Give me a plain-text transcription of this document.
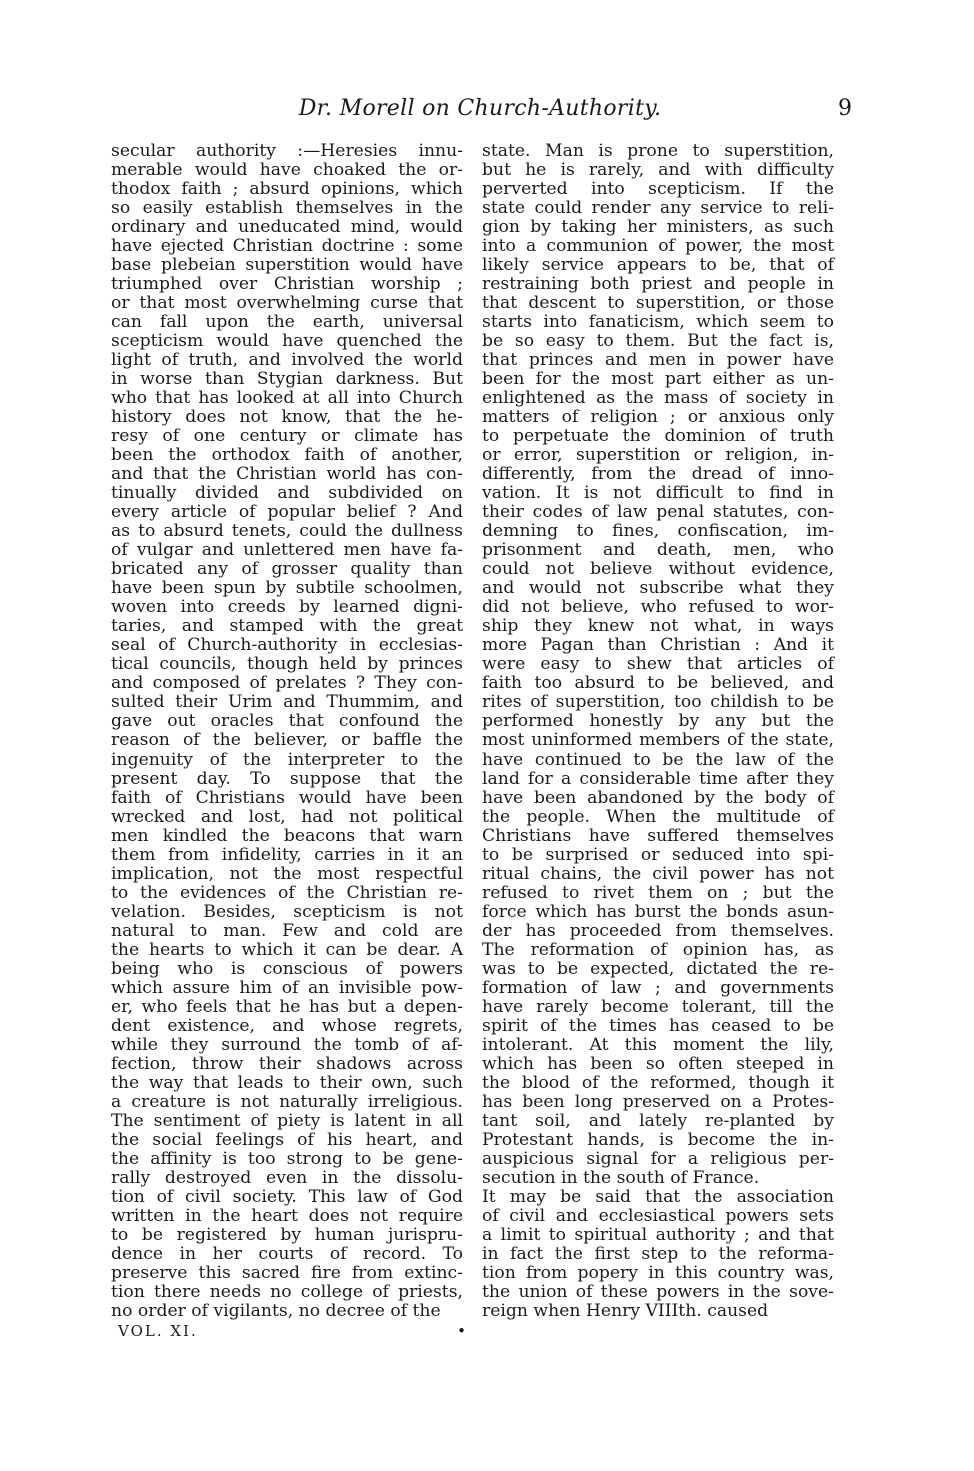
Dr. Morell on Church-Authority.	9
secular authority :—Heresies innu-
merable would have choaked the or-
thodox faith ; absurd opinions, which
so easily establish themselves in the
ordinary and uneducated mind, would
have ejected Christian doctrine : some
base plebeian superstition would have
triumphed over Christian worship ;
or that most overwhelming curse that
can fall upon the earth, universal
scepticism would have quenched the
light of truth, and involved the world
in worse than Stygian darkness. But
who that has looked at all into Church
history does not know, that the he-
resy of one century or climate has
been the orthodox faith of another,
and that the Christian world has con-
tinually divided and subdivided on
every article of popular belief ? And
as to absurd tenets, could the dullness
of vulgar and unlettered men have fa-
bricated any of grosser quality than
have been spun by subtile schoolmen,
woven into creeds by learned digni-
taries, and stamped with the great
seal of Church-authority in ecclesias-
tical councils, though held by princes
and composed of prelates ? They con-
sulted their Urim and Thummim, and
gave out oracles that confound the
reason of the believer, or baffle the
ingenuity of the interpreter to the
present day. To suppose that the
faith of Christians would have been
wrecked and lost, had not political
men kindled the beacons that warn
them from infidelity, carries in it an
implication, not the most respectful
to the evidences of the Christian re-
velation. Besides, scepticism is not
natural to man. Few and cold are
the hearts to which it can be dear. A
being who is conscious of powers
which assure him of an invisible pow-
er, who feels that he has but a depen-
dent existence, and whose regrets,
while they surround the tomb of af-
fection, throw their shadows across
the way that leads to their own, such
a creature is not naturally irreligious.
The sentiment of piety is latent in all
the social feelings of his heart, and
the affinity is too strong to be gene-
rally destroyed even in the dissolu-
tion of civil society. This law of God
written in the heart does not require
to be registered by human jurispru-
dence in her courts of record. To
preserve this sacred fire from extinc-
tion there needs no college of priests,
no order of vigilants, no decree of the
state. Man is prone to superstition,
but he is rarely, and with difficulty
perverted into scepticism. If the
state could render any service to reli-
gion by taking her ministers, as such
into a communion of power, the most
likely service appears to be, that of
restraining both priest and people in
that descent to superstition, or those
starts into fanaticism, which seem to
be so easy to them. But the fact is,
that princes and men in power have
been for the most part either as un-
enlightened as the mass of society in
matters of religion ; or anxious only
to perpetuate the dominion of truth
or error, superstition or religion, in-
differently, from the dread of inno-
vation. It is not difficult to find in
their codes of law penal statutes, con-
demning to fines, confiscation, im-
prisonment and death, men, who
could not believe without evidence,
and would not subscribe what they
did not believe, who refused to wor-
ship they knew not what, in ways
more Pagan than Christian : And it
were easy to shew that articles of
faith too absurd to be believed, and
rites of superstition, too childish to be
performed honestly by any but the
most uninformed members of the state,
have continued to be the law of the
land for a considerable time after they
have been abandoned by the body of
the people. When the multitude of
Christians have suffered themselves
to be surprised or seduced into spi-
ritual chains, the civil power has not
refused to rivet them on ; but the
force which has burst the bonds asun-
der has proceeded from themselves.
The reformation of opinion has, as
was to be expected, dictated the re-
formation of law ; and governments
have rarely become tolerant, till the
spirit of the times has ceased to be
intolerant. At this moment the lily,
which has been so often steeped in
the blood of the reformed, though it
has been long preserved on a Protes-
tant soil, and lately re-planted by
Protestant hands, is become the in-
auspicious signal for a religious per-
secution in the south of France.
It may be said that the association
of civil and ecclesiastical powers sets
a limit to spiritual authority ; and that
in fact the first step to the reforma-
tion from popery in this country was,
the union of these powers in the sove-
reign when Henry VIIIth. caused
VOL. XI.	•
